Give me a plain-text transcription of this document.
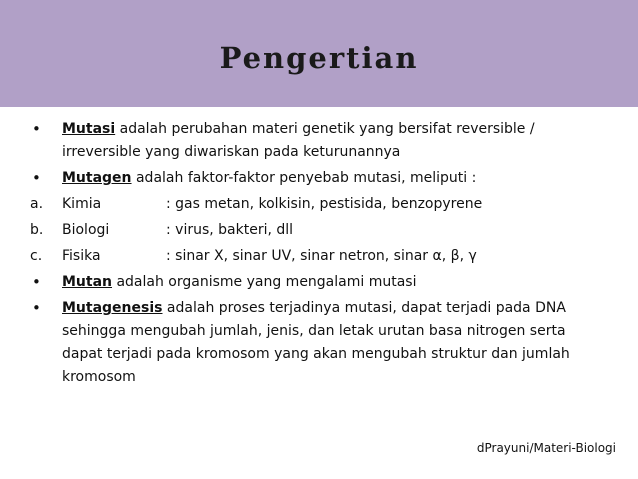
Pengertian
• Mutasi adalah perubahan materi genetik yang bersifat reversible / irreversible yang diwariskan pada keturunannya
• Mutagen adalah faktor-faktor penyebab mutasi, meliputi :
a. Kimia	: gas metan, kolkisin, pestisida, benzopyrene
b. Biologi	: virus, bakteri, dll
c. Fisika	: sinar X, sinar UV, sinar netron, sinar α, β, γ
• Mutan adalah organisme yang mengalami mutasi
• Mutagenesis adalah proses terjadinya mutasi, dapat terjadi pada DNA sehingga mengubah jumlah, jenis, dan letak urutan basa nitrogen serta dapat terjadi pada kromosom yang akan mengubah struktur dan jumlah kromosom
dPrayuni/Materi-Biologi
